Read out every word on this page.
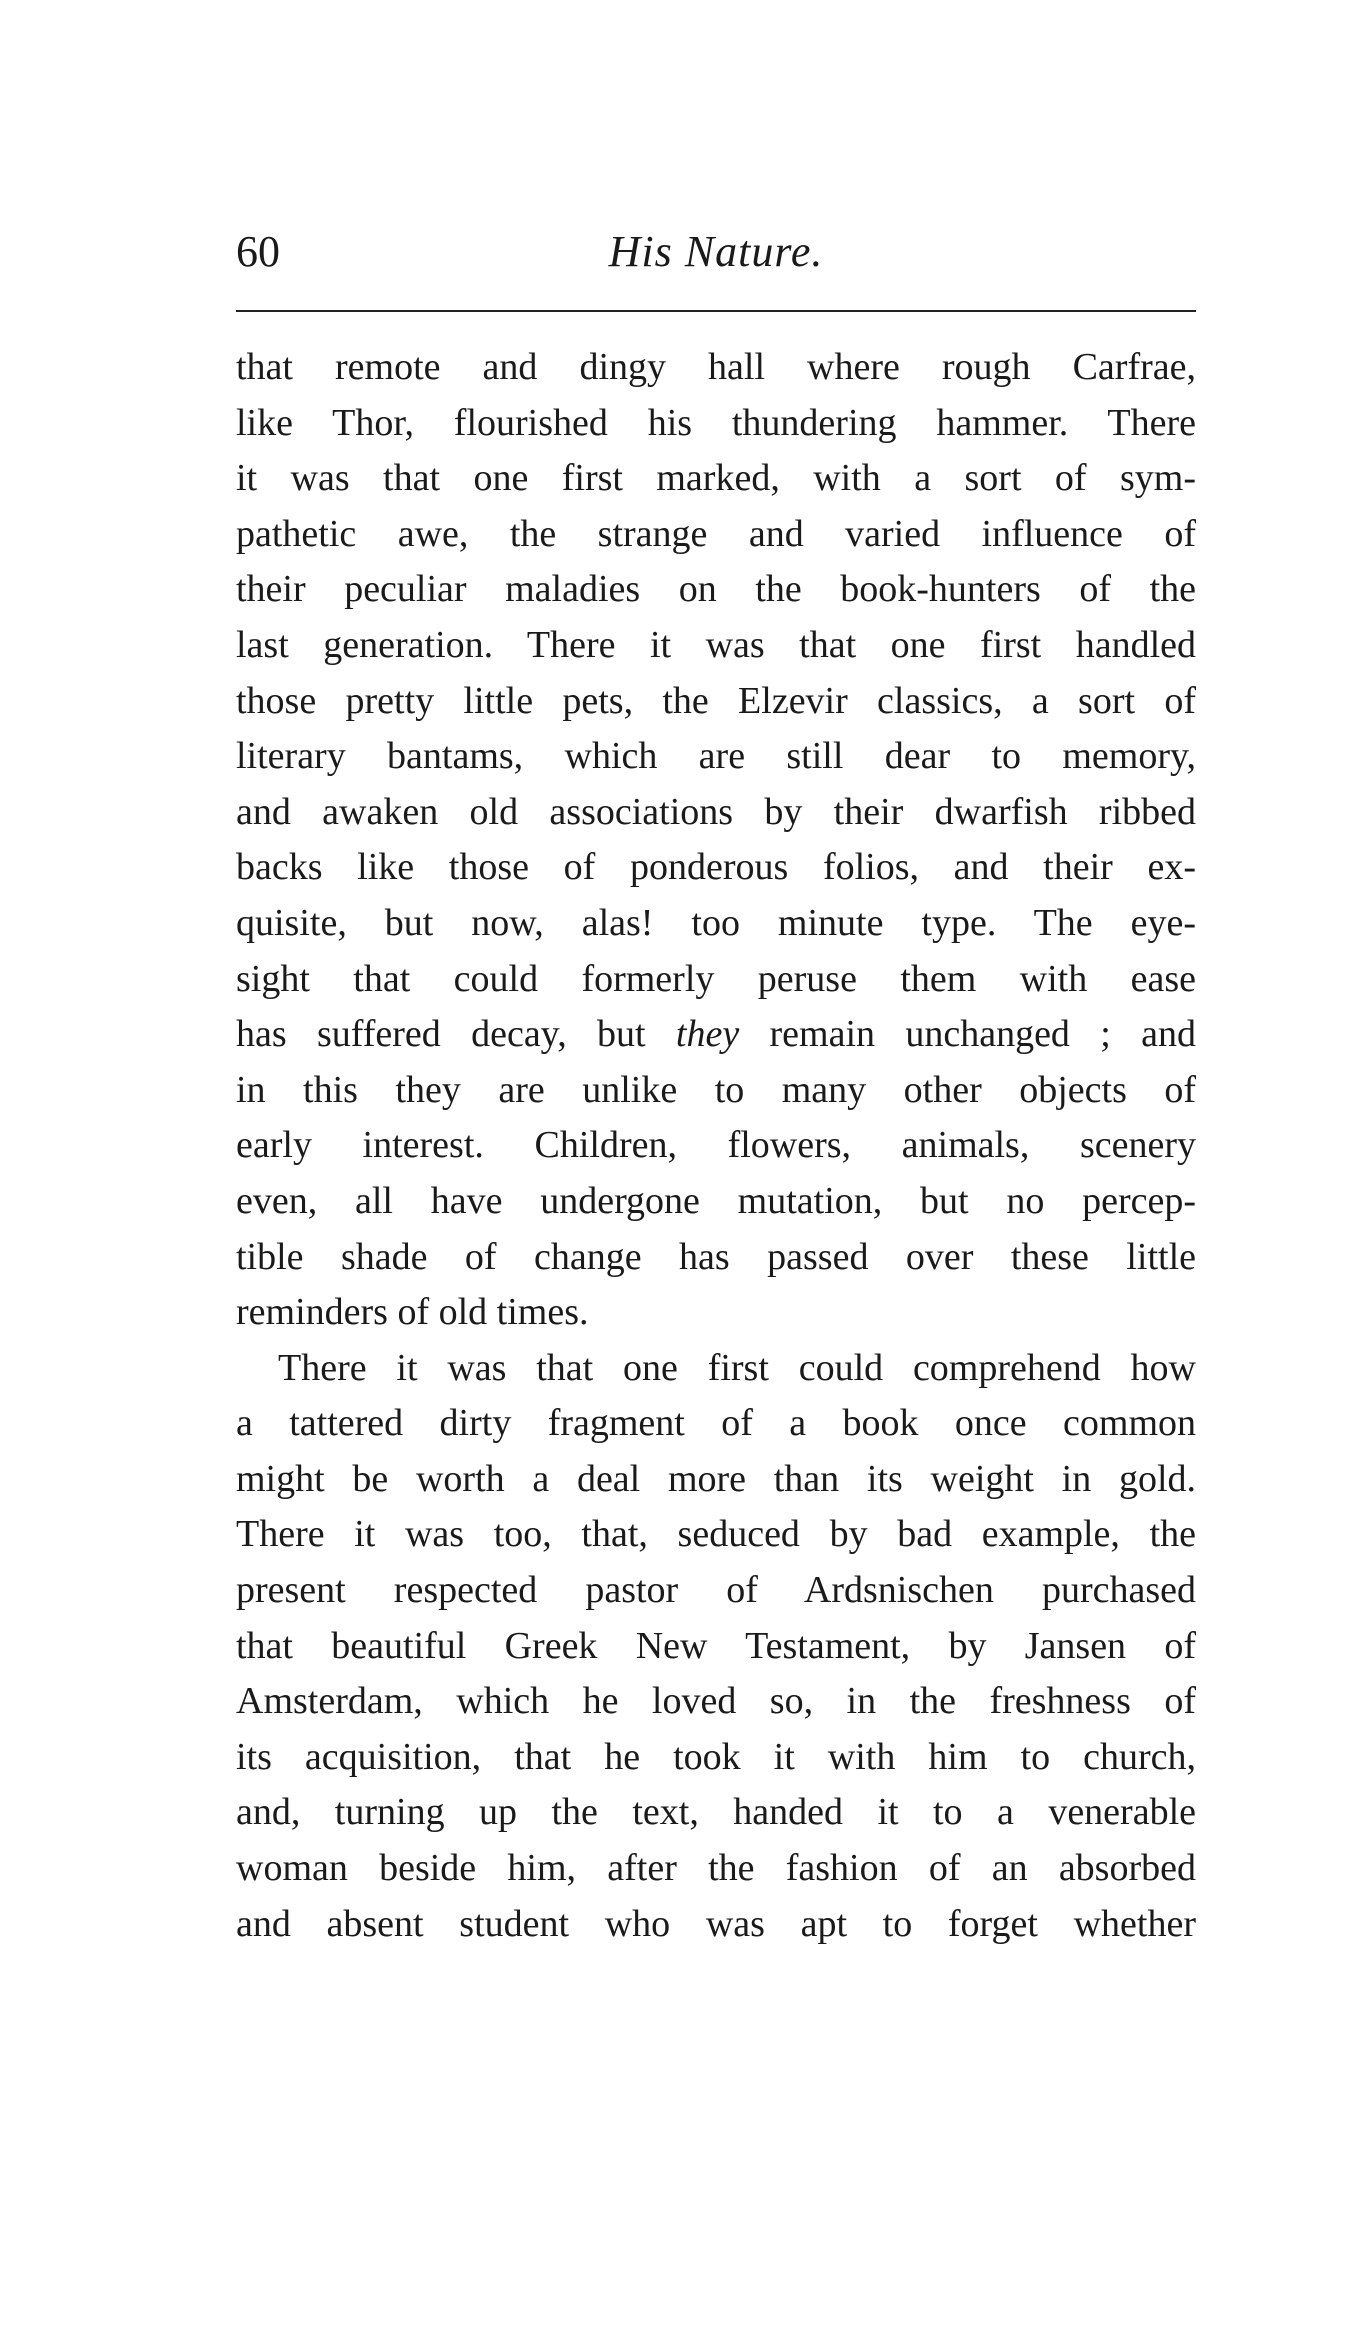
60	His Nature.
that remote and dingy hall where rough Carfrae,
like Thor, flourished his thundering hammer. There
it was that one first marked, with a sort of sym-
pathetic awe, the strange and varied influence of
their peculiar maladies on the book-hunters of the
last generation. There it was that one first handled
those pretty little pets, the Elzevir classics, a sort of
literary bantams, which are still dear to memory,
and awaken old associations by their dwarfish ribbed
backs like those of ponderous folios, and their ex-
quisite, but now, alas! too minute type. The eye-
sight that could formerly peruse them with ease
has suffered decay, but they remain unchanged ; and
in this they are unlike to many other objects of
early interest. Children, flowers, animals, scenery
even, all have undergone mutation, but no percep-
tible shade of change has passed over these little
reminders of old times.
There it was that one first could comprehend how
a tattered dirty fragment of a book once common
might be worth a deal more than its weight in gold.
There it was too, that, seduced by bad example, the
present respected pastor of Ardsnischen purchased
that beautiful Greek New Testament, by Jansen of
Amsterdam, which he loved so, in the freshness of
its acquisition, that he took it with him to church,
and, turning up the text, handed it to a venerable
woman beside him, after the fashion of an absorbed
and absent student who was apt to forget whether
